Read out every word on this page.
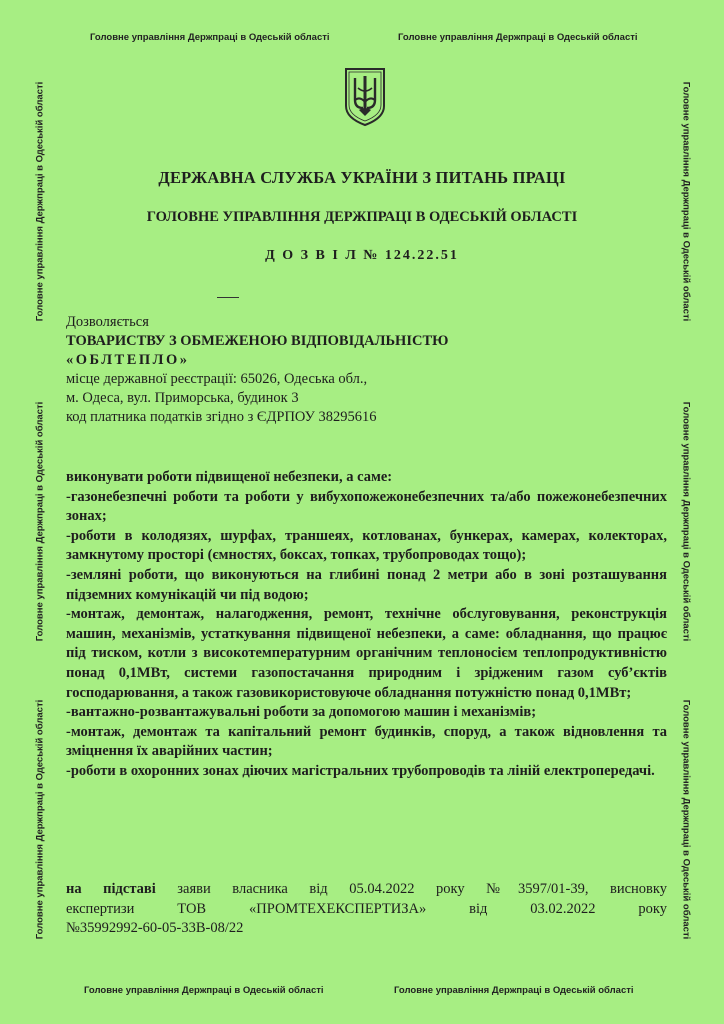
Головне управління Держпраці в Одеській області	Головне управління Держпраці в Одеській області
Головне управління Держпраці в Одеській області	Головне управління Держпраці в Одеській області
Головне управління Держпраці в Одеській області
Головне управління Держпраці в Одеській області
Головне управління Держпраці в Одеській області
Головне управління Держпраці в Одеській області
Головне управління Держпраці в Одеській області
Головне управління Держпраці в Одеській області
ДЕРЖАВНА СЛУЖБА УКРАЇНИ З ПИТАНЬ ПРАЦІ
ГОЛОВНЕ УПРАВЛІННЯ ДЕРЖПРАЦІ В ОДЕСЬКІЙ ОБЛАСТІ
Д О З В І Л № 124.22.51
Дозволяється
ТОВАРИСТВУ З ОБМЕЖЕНОЮ ВІДПОВІДАЛЬНІСТЮ
«ОБЛТЕПЛО»
місце державної реєстрації: 65026, Одеська обл.,
м. Одеса, вул. Приморська, будинок 3
код платника податків згідно з ЄДРПОУ 38295616

виконувати роботи підвищеної небезпеки, а саме:

-газонебезпечні роботи та роботи у вибухопожежонебезпечних та/або пожежонебезпечних зонах;

-роботи в колодязях, шурфах, траншеях, котлованах, бункерах, камерах, колекторах, замкнутому просторі (ємностях, боксах, топках, трубопроводах тощо);

-земляні роботи, що виконуються на глибині понад 2 метри або в зоні розташування підземних комунікацій чи під водою;

-монтаж, демонтаж, налагодження, ремонт, технічне обслуговування, реконструкція машин, механізмів, устаткування підвищеної небезпеки, а саме: обладнання, що працює під тиском, котли з високотемпературним органічним теплоносієм теплопродуктивністю понад 0,1МВт, системи газопостачання природним і зрідженим газом суб’єктів господарювання, а також газовикористовуюче обладнання потужністю понад 0,1МВт;

-вантажно-розвантажувальні роботи за допомогою машин і механізмів;

-монтаж, демонтаж та капітальний ремонт будинків, споруд, а також відновлення та зміцнення їх аварійних частин;

-роботи в охоронних зонах діючих магістральних трубопроводів та ліній електропередачі.

на підставі заяви власника від 05.04.2022 року №3597/01-39, висновку
експертизи ТОВ «ПРОМТЕХЕКСПЕРТИЗА» від 03.02.2022 року
№35992992-60-05-33В-08/22
